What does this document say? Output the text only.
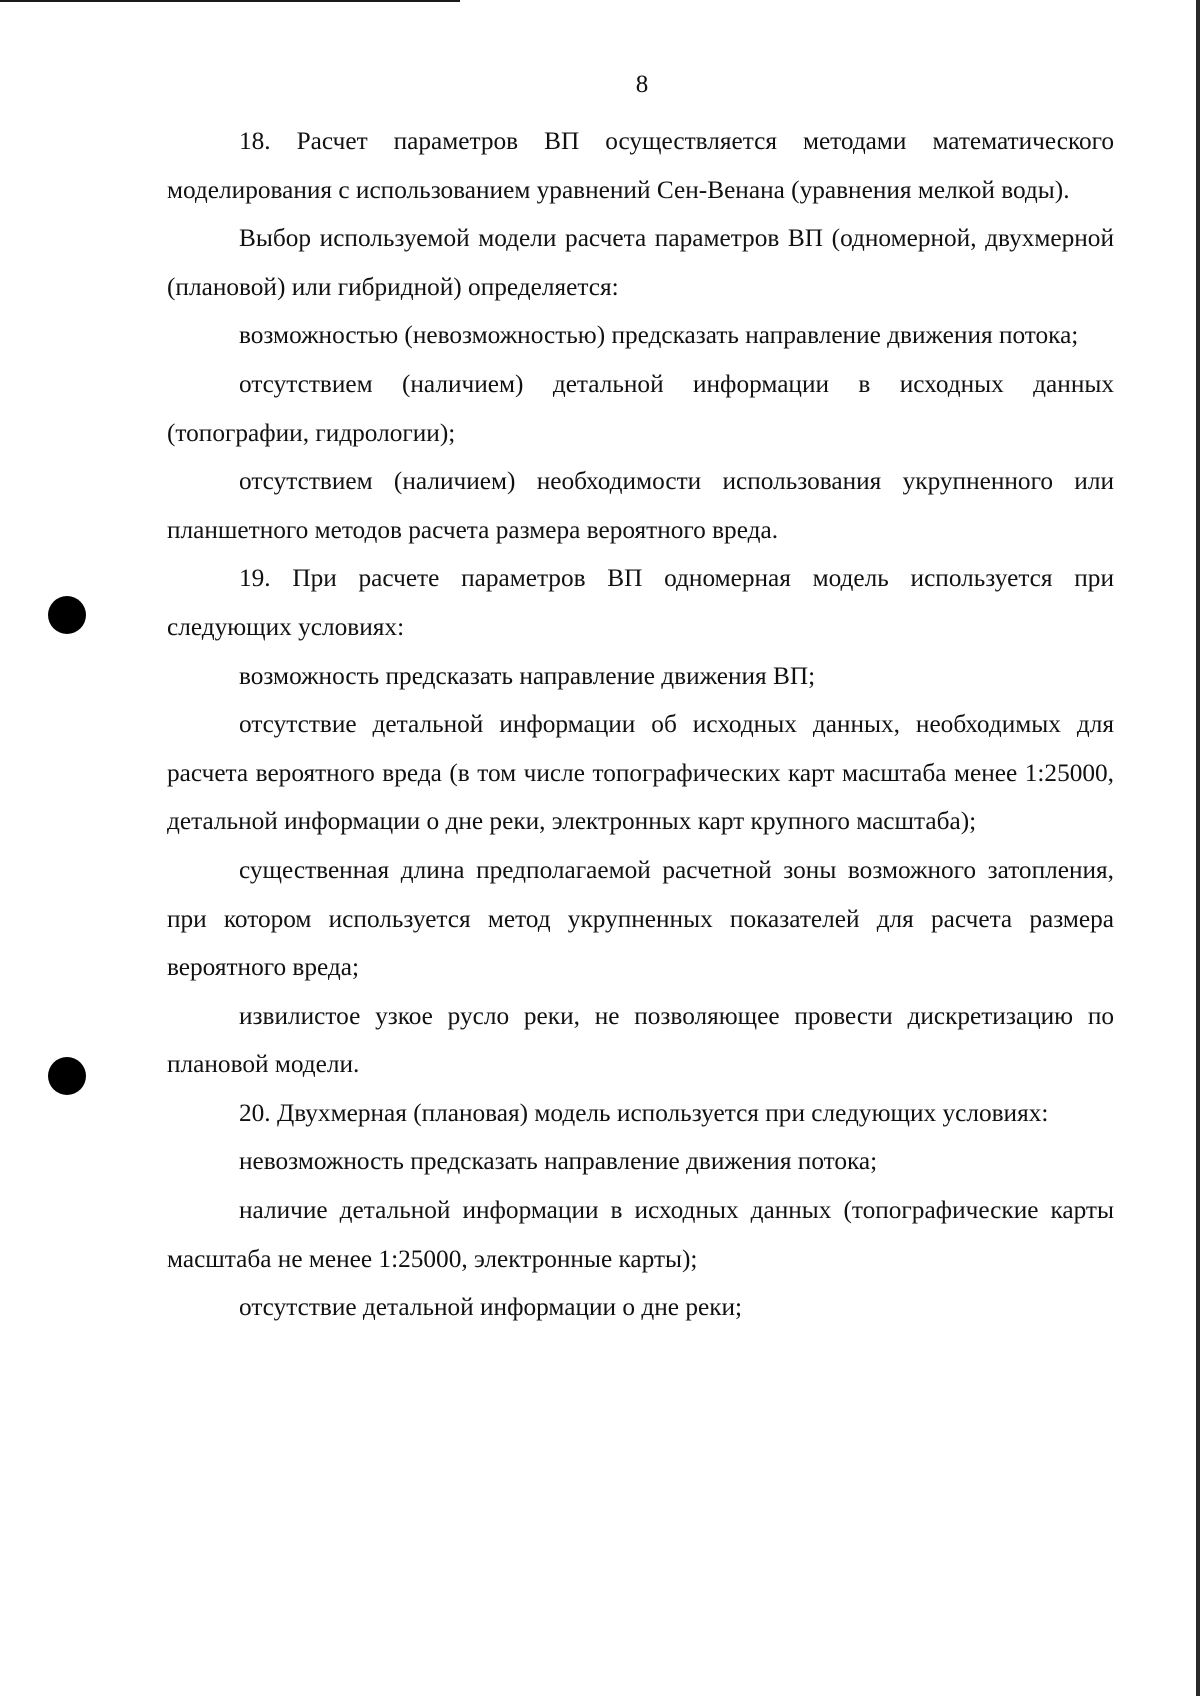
8

18. Расчет параметров ВП осуществляется методами математического моделирования с использованием уравнений Сен-Венана (уравнения мелкой воды).

Выбор используемой модели расчета параметров ВП (одномерной, двухмерной (плановой) или гибридной) определяется:

возможностью (невозможностью) предсказать направление движения потока;

отсутствием (наличием) детальной информации в исходных данных (топографии, гидрологии);

отсутствием (наличием) необходимости использования укрупненного или планшетного методов расчета размера вероятного вреда.

19. При расчете параметров ВП одномерная модель используется при следующих условиях:

возможность предсказать направление движения ВП;

отсутствие детальной информации об исходных данных, необходимых для расчета вероятного вреда (в том числе топографических карт масштаба менее 1:25000, детальной информации о дне реки, электронных карт крупного масштаба);

существенная длина предполагаемой расчетной зоны возможного затопления, при котором используется метод укрупненных показателей для расчета размера вероятного вреда;

извилистое узкое русло реки, не позволяющее провести дискретизацию по плановой модели.

20. Двухмерная (плановая) модель используется при следующих условиях:

невозможность предсказать направление движения потока;

наличие детальной информации в исходных данных (топографические карты масштаба не менее 1:25000, электронные карты);

отсутствие детальной информации о дне реки;
